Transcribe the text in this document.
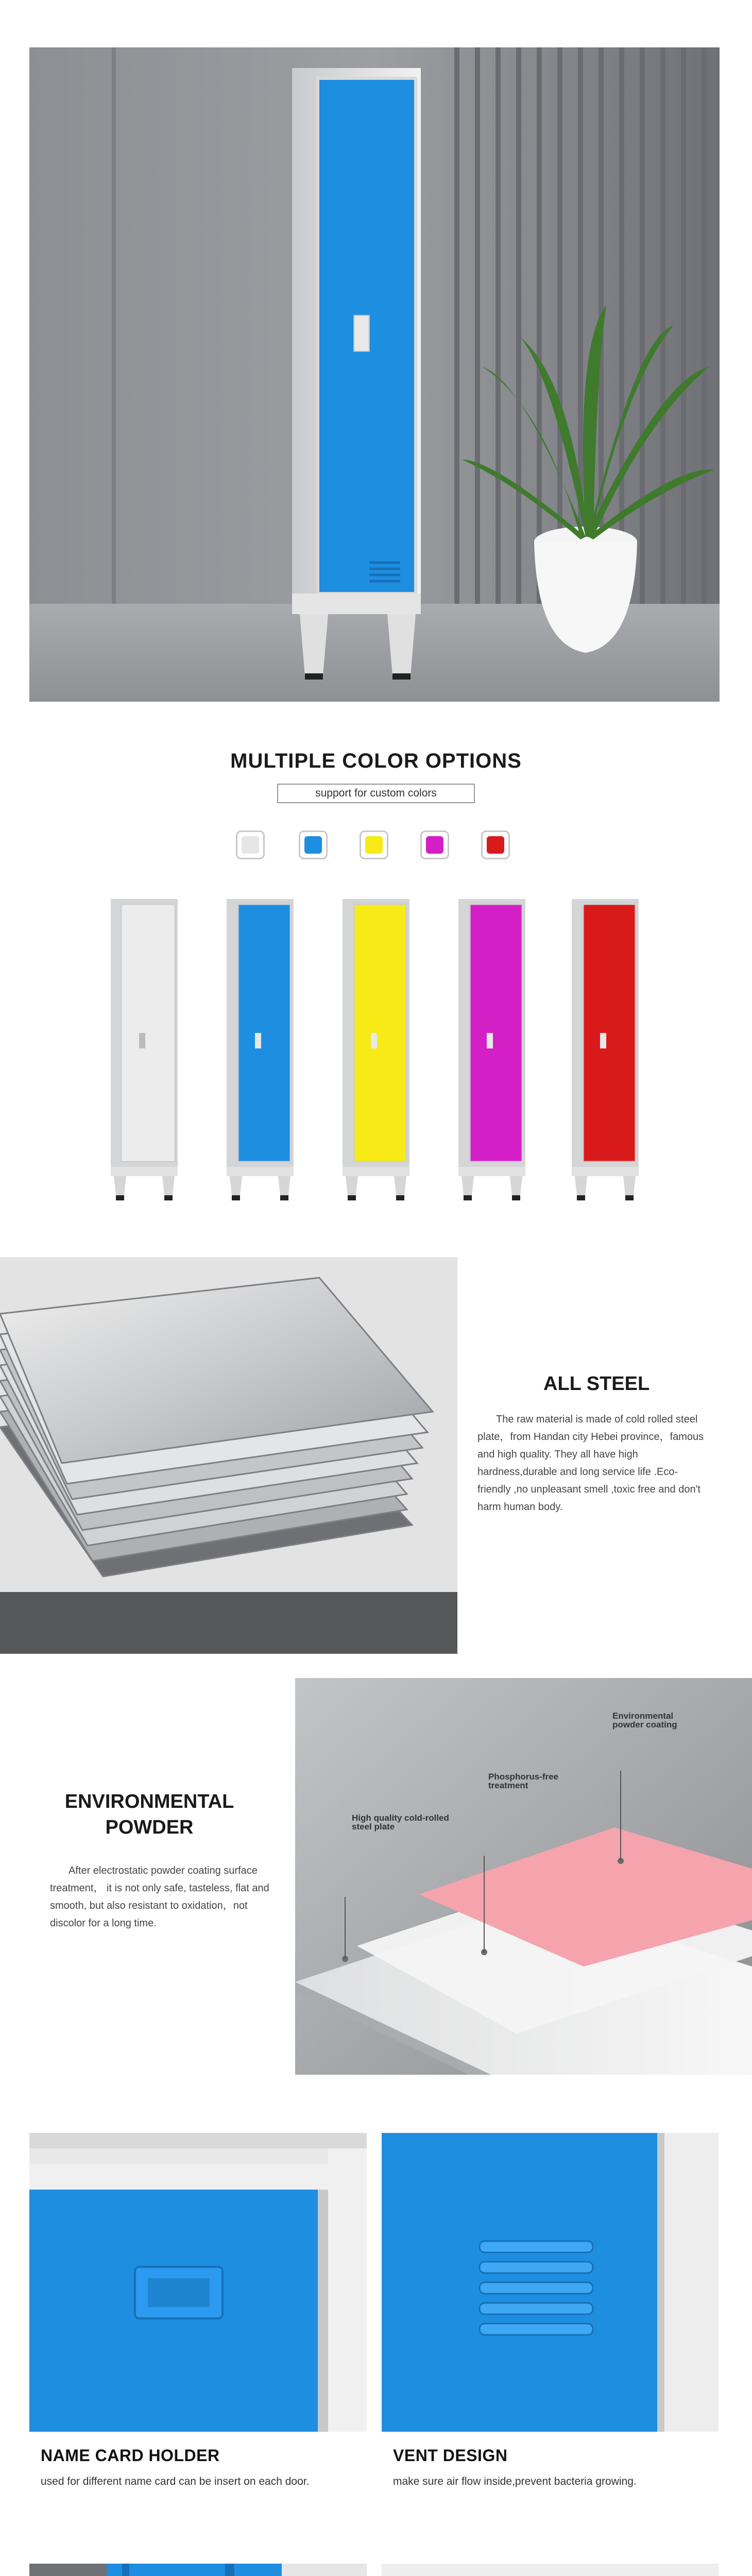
MULTIPLE COLOR OPTIONS
support for custom colors
ALL STEEL
The raw material is made of cold rolled steel plate，from Handan city Hebei province，famous and high quality. They all have high hardness,durable and long service life .Eco-friendly ,no unpleasant smell ,toxic free and don't harm human body.
ENVIRONMENTAL
POWDER
After electrostatic powder coating surface treatment， it is not only safe, tasteless, flat and smooth, but also resistant to oxidation，not discolor for a long time.
Environmental powder coating
Phosphorus-free treatment
High quality cold-rolled steel plate
NAME CARD HOLDER
used for different name card can be insert on each door.
VENT DESIGN
make sure air flow inside,prevent bacteria growing.
